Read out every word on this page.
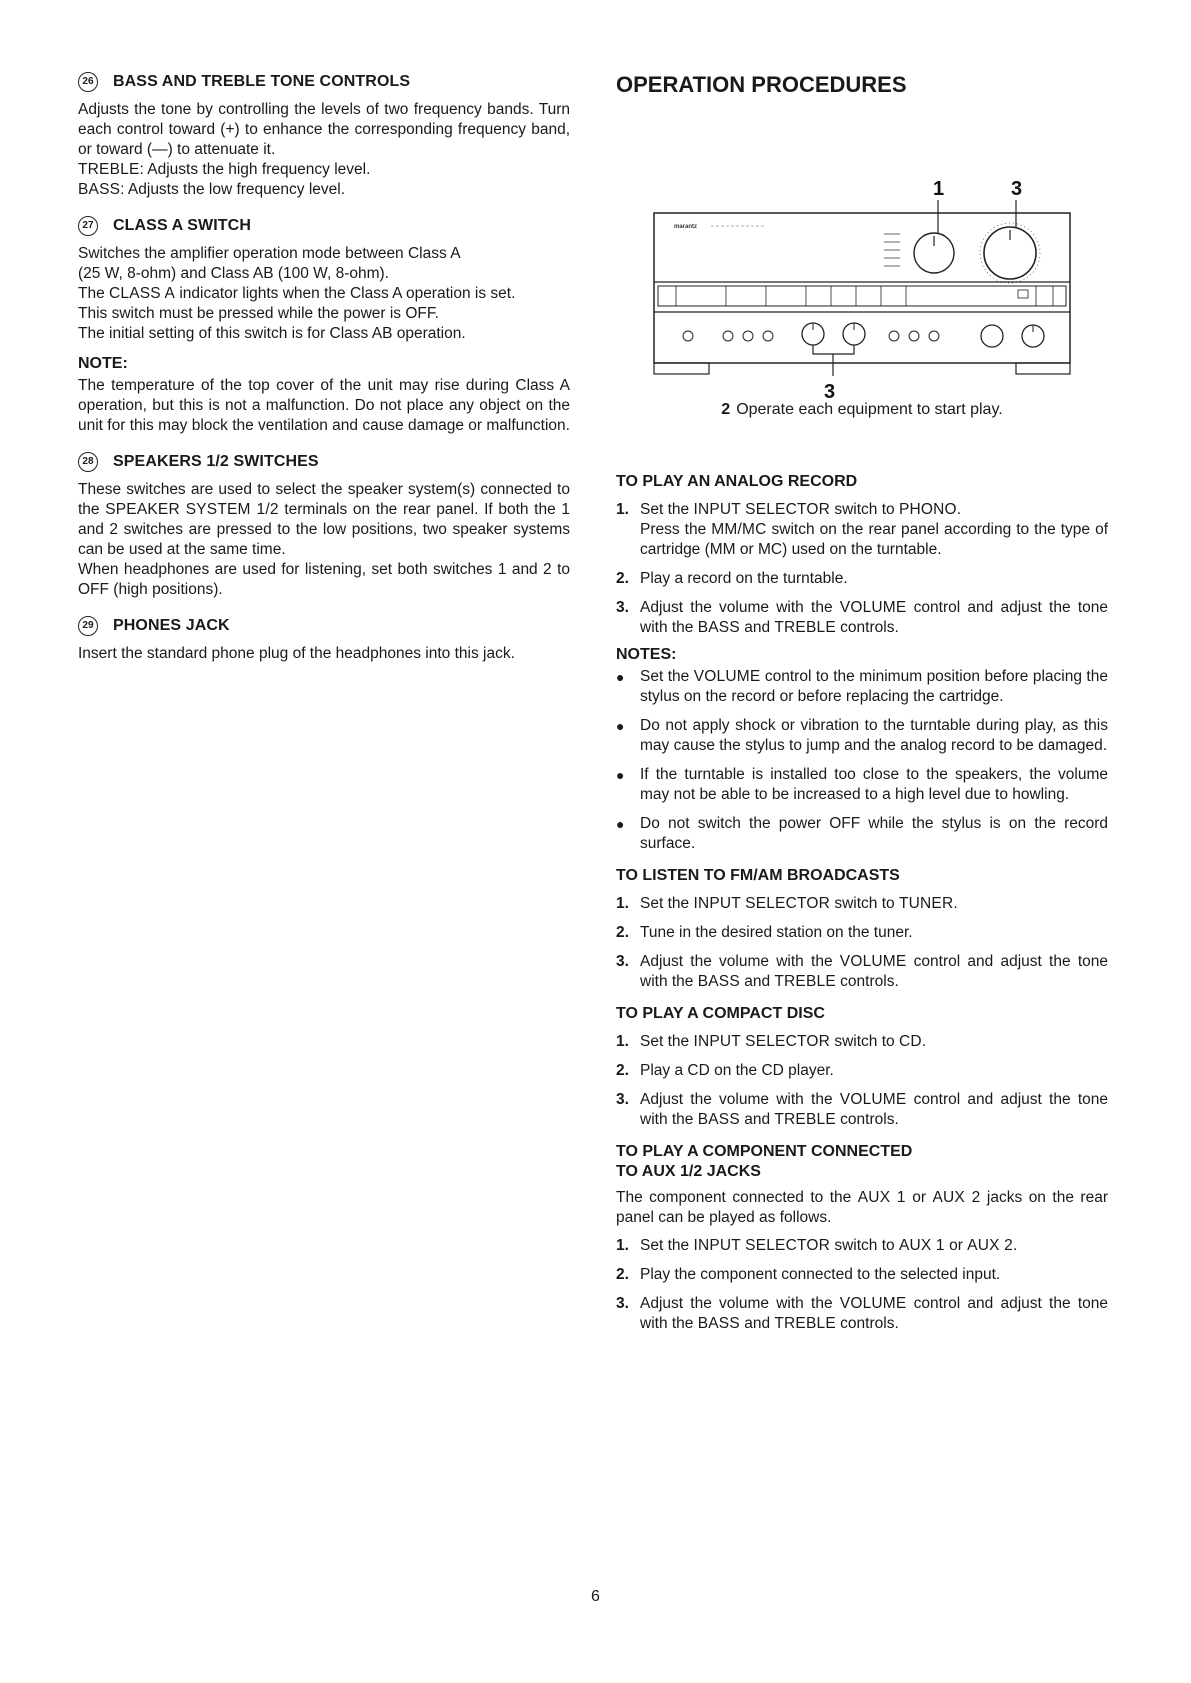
26 BASS AND TREBLE TONE CONTROLS

Adjusts the tone by controlling the levels of two frequency bands. Turn each control toward (+) to enhance the corresponding frequency band, or toward (—) to attenuate it.

TREBLE: Adjusts the high frequency level.

BASS: Adjusts the low frequency level.

27 CLASS A SWITCH

Switches the amplifier operation mode between Class A

(25 W, 8-ohm) and Class AB (100 W, 8-ohm).

The CLASS A indicator lights when the Class A operation is set.

This switch must be pressed while the power is OFF.

The initial setting of this switch is for Class AB operation.

NOTE:

The temperature of the top cover of the unit may rise during Class A operation, but this is not a malfunction. Do not place any object on the unit for this may block the ventilation and cause damage or malfunction.

28 SPEAKERS 1/2 SWITCHES

These switches are used to select the speaker system(s) connected to the SPEAKER SYSTEM 1/2 terminals on the rear panel. If both the 1 and 2 switches are pressed to the low positions, two speaker systems can be used at the same time.

When headphones are used for listening, set both switches 1 and 2 to OFF (high positions).

29 PHONES JACK

Insert the standard phone plug of the headphones into this jack.

OPERATION PROCEDURES
1	3
3
marantz
2 Operate each equipment to start play.
TO PLAY AN ANALOG RECORD
1. Set the INPUT SELECTOR switch to PHONO.
Press the MM/MC switch on the rear panel according to the type of cartridge (MM or MC) used on the turntable.
2. Play a record on the turntable.
3. Adjust the volume with the VOLUME control and adjust the tone with the BASS and TREBLE controls.
NOTES:
●	Set the VOLUME control to the minimum position before placing the stylus on the record or before replacing the cartridge.
●	Do not apply shock or vibration to the turntable during play, as this may cause the stylus to jump and the analog record to be damaged.
●	If the turntable is installed too close to the speakers, the volume may not be able to be increased to a high level due to howling.
●	Do not switch the power OFF while the stylus is on the record surface.
TO LISTEN TO FM/AM BROADCASTS
1. Set the INPUT SELECTOR switch to TUNER.
2. Tune in the desired station on the tuner.
3. Adjust the volume with the VOLUME control and adjust the tone with the BASS and TREBLE controls.
TO PLAY A COMPACT DISC
1. Set the INPUT SELECTOR switch to CD.
2. Play a CD on the CD player.
3. Adjust the volume with the VOLUME control and adjust the tone with the BASS and TREBLE controls.
TO PLAY A COMPONENT CONNECTED
TO AUX 1/2 JACKS

The component connected to the AUX 1 or AUX 2 jacks on the rear panel can be played as follows.

1. Set the INPUT SELECTOR switch to AUX 1 or AUX 2.
2. Play the component connected to the selected input.
3. Adjust the volume with the VOLUME control and adjust the tone with the BASS and TREBLE controls.
6
